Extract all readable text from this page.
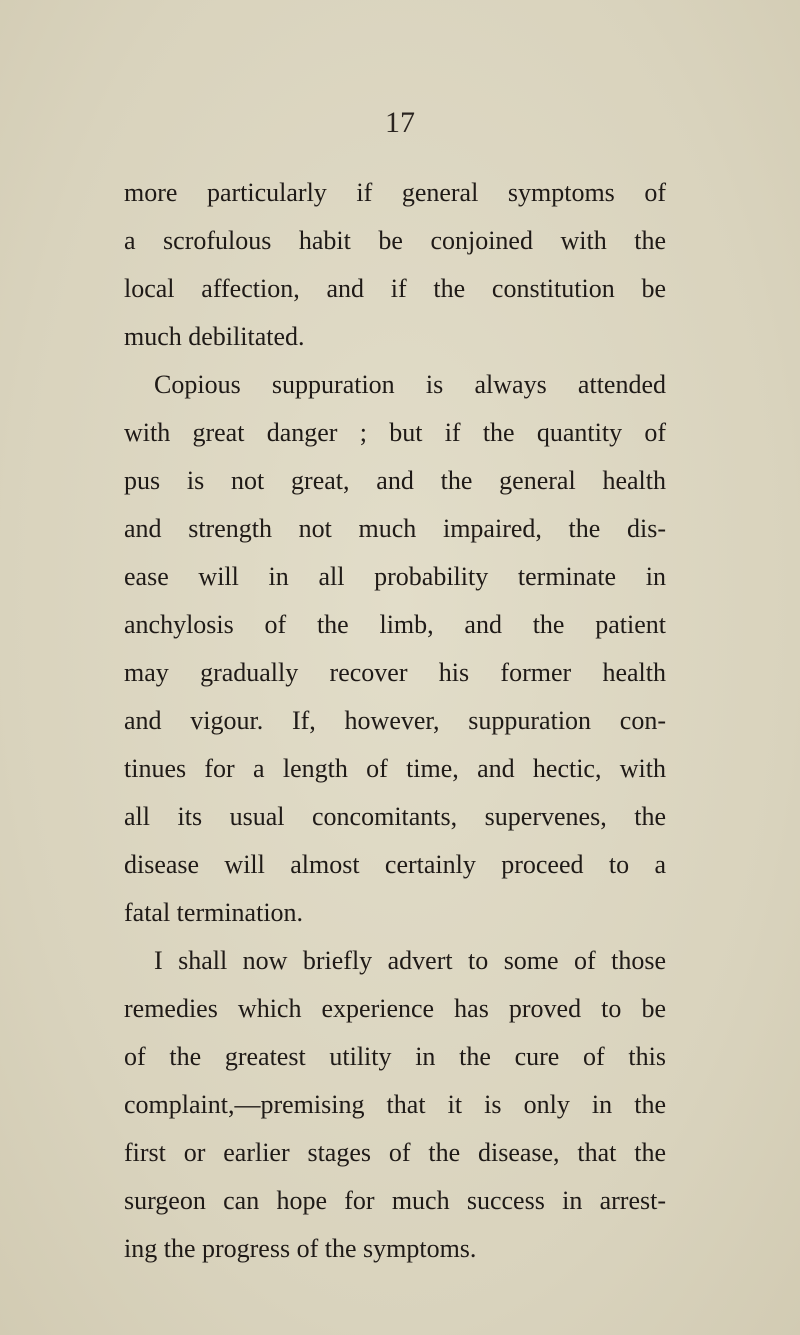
17
more particularly if general symptoms of
a scrofulous habit be conjoined with the
local affection, and if the constitution be
much debilitated.
Copious suppuration is always attended
with great danger ; but if the quantity of
pus is not great, and the general health
and strength not much impaired, the dis-
ease will in all probability terminate in
anchylosis of the limb, and the patient
may gradually recover his former health
and vigour. If, however, suppuration con-
tinues for a length of time, and hectic, with
all its usual concomitants, supervenes, the
disease will almost certainly proceed to a
fatal termination.
I shall now briefly advert to some of those
remedies which experience has proved to be
of the greatest utility in the cure of this
complaint,—premising that it is only in the
first or earlier stages of the disease, that the
surgeon can hope for much success in arrest-
ing the progress of the symptoms.
